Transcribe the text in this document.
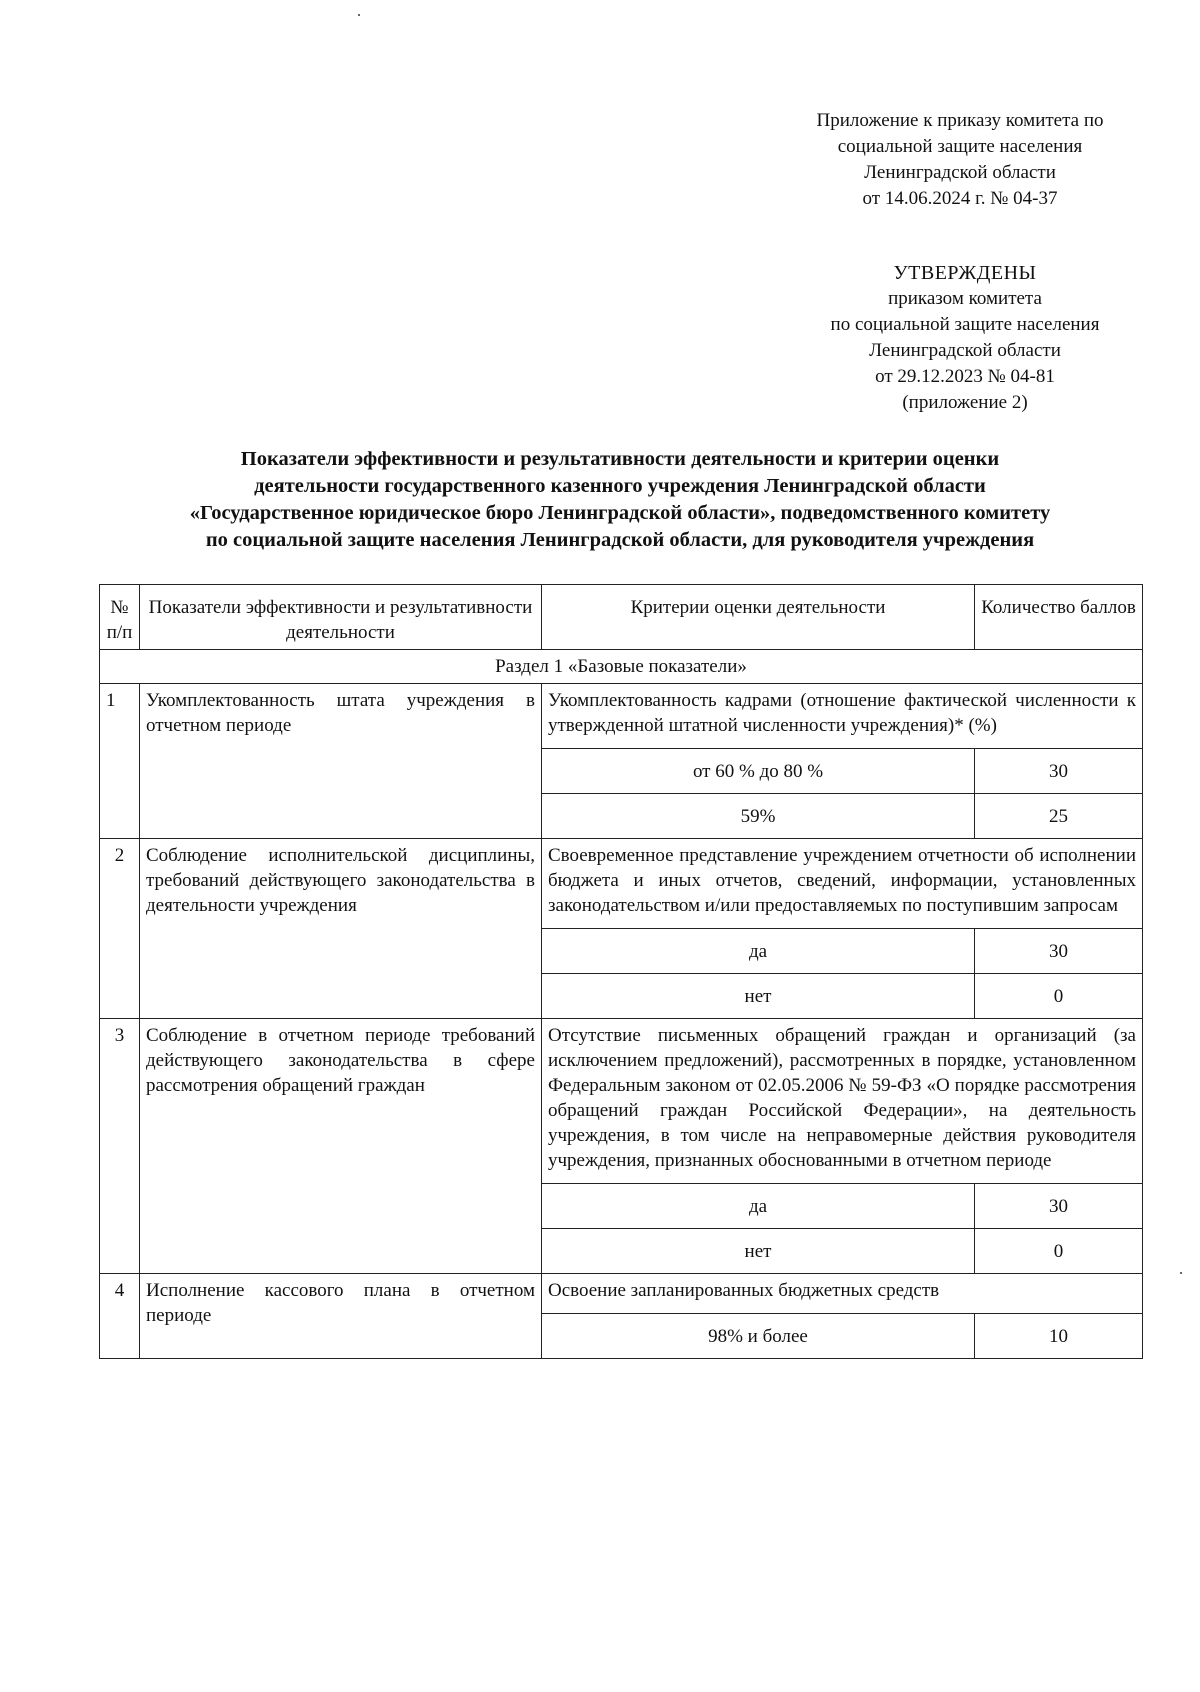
Приложение к приказу комитета по
социальной защите населения
Ленинградской области
от 14.06.2024 г. № 04-37
УТВЕРЖДЕНЫ
приказом комитета
по социальной защите населения
Ленинградской области
от 29.12.2023 № 04-81
(приложение 2)
Показатели эффективности и результативности деятельности и критерии оценки
деятельности государственного казенного учреждения Ленинградской области
«Государственное юридическое бюро Ленинградской области», подведомственного комитету
по социальной защите населения Ленинградской области, для руководителя учреждения
№ п/п	Показатели эффективности и результативности деятельности	Критерии оценки деятельности	Количество баллов
Раздел 1 «Базовые показатели»			
1	Укомплектованность штата учреждения в отчетном периоде	Укомплектованность кадрами (отношение фактической численности к утвержденной штатной численности учреждения)* (%)	
		от 60 % до 80 %	30
		59%	25
2	Соблюдение исполнительской дисциплины, требований действующего законодательства в деятельности учреждения	Своевременное представление учреждением отчетности об исполнении бюджета и иных отчетов, сведений, информации, установленных законодательством и/или предоставляемых по поступившим запросам	
		да	30
		нет	0
3	Соблюдение в отчетном периоде требований действующего законодательства в сфере рассмотрения обращений граждан	Отсутствие письменных обращений граждан и организаций (за исключением предложений), рассмотренных в порядке, установленном Федеральным законом от 02.05.2006 № 59-ФЗ «О порядке рассмотрения обращений граждан Российской Федерации», на деятельность учреждения, в том числе на неправомерные действия руководителя учреждения, признанных обоснованными в отчетном периоде	
		да	30
		нет	0
4	Исполнение кассового плана в отчетном периоде	Освоение запланированных бюджетных средств	
		98% и более	10
